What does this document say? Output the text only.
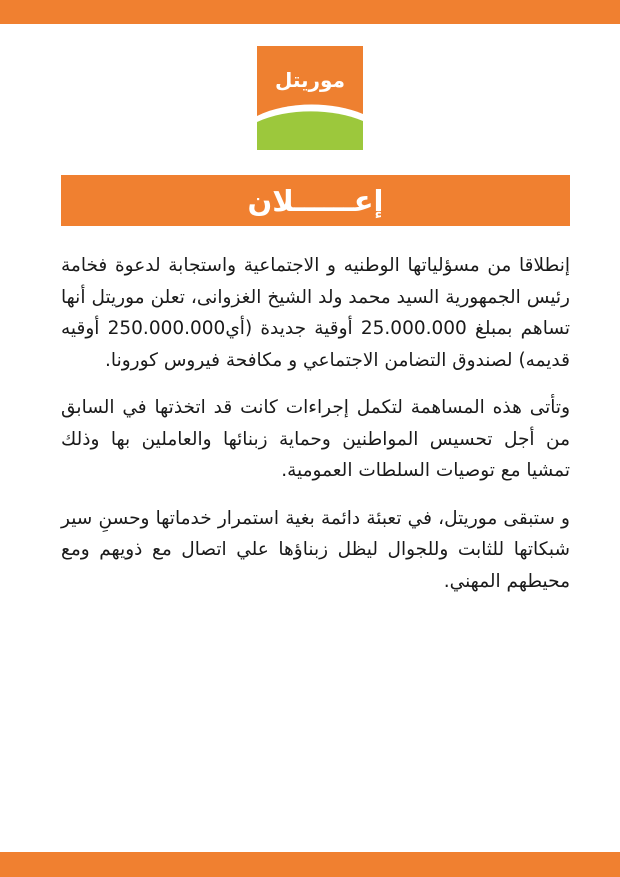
موريتل
إعــــــلان

إنطلاقا من مسؤلياتها الوطنيه و الاجتماعية واستجابة لدعوة فخامة رئيس الجمهورية السيد محمد ولد الشيخ الغزوانى، تعلن موريتل أنها تساهم بمبلغ 25.000.000 أوقية جديدة (أي250.000.000 أوقيه قديمه) لصندوق التضامن الاجتماعي و مكافحة فيروس كورونا.

وتأتى هذه المساهمة لتكمل إجراءات كانت قد اتخذتها في السابق من أجل تحسيس المواطنين وحماية زبنائها والعاملين بها وذلك تمشيا مع توصيات السلطات العمومية.

و ستبقى موريتل، في تعبئة دائمة بغية استمرار خدماتها وحسنِ سير شبكاتها للثابت وللجوال ليظل زبناؤها علي اتصال مع ذويهم ومع محيطهم المهني.
